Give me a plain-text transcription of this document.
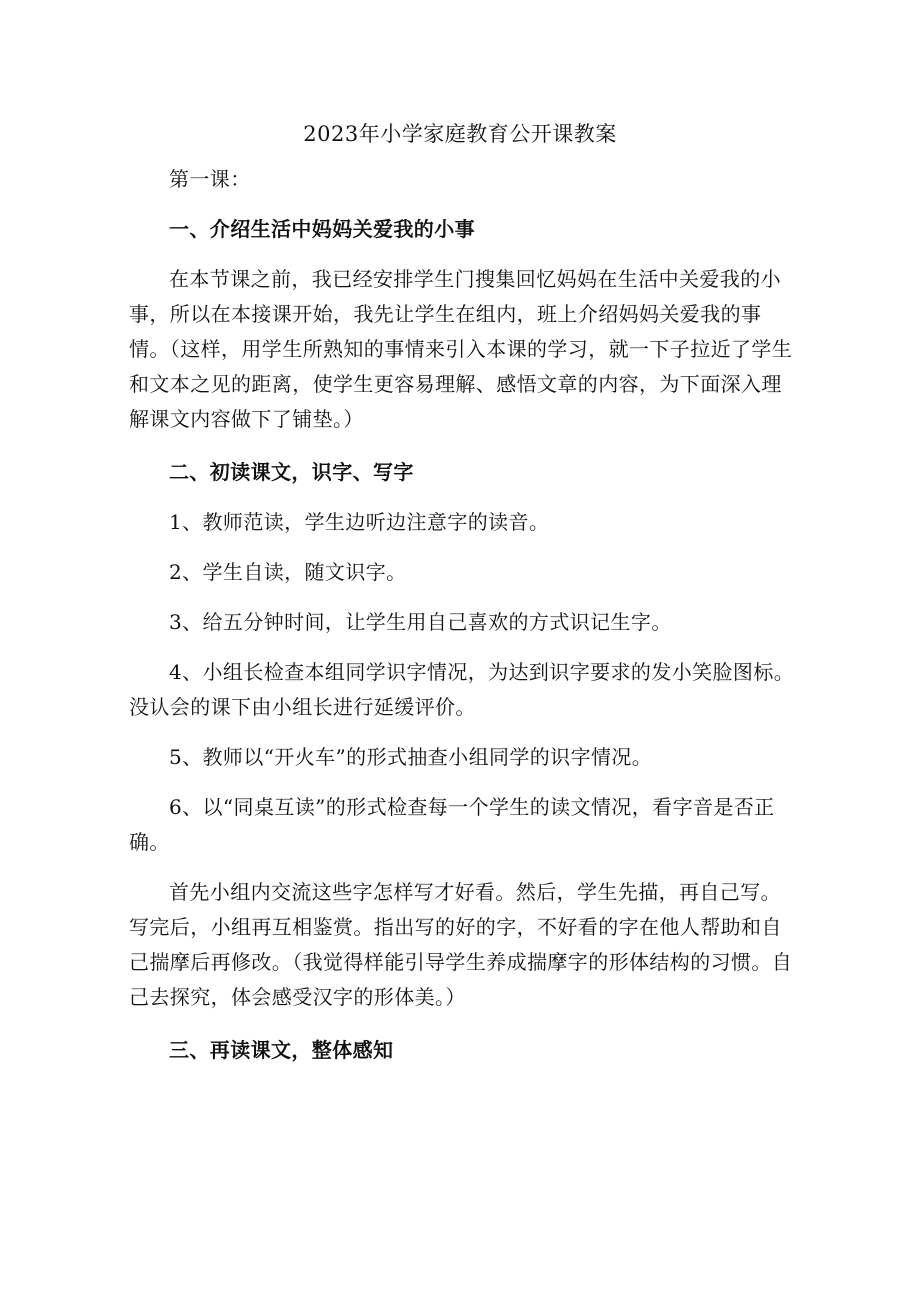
2023年小学家庭教育公开课教案

第一课：

一、介绍生活中妈妈关爱我的小事

在本节课之前，我已经安排学生门搜集回忆妈妈在生活中关爱我的小事，所以在本接课开始，我先让学生在组内，班上介绍妈妈关爱我的事情。（这样，用学生所熟知的事情来引入本课的学习，就一下子拉近了学生和文本之见的距离，使学生更容易理解、感悟文章的内容，为下面深入理解课文内容做下了铺垫。）

二、初读课文，识字、写字

1、教师范读，学生边听边注意字的读音。

2、学生自读，随文识字。

3、给五分钟时间，让学生用自己喜欢的方式识记生字。

4、小组长检查本组同学识字情况，为达到识字要求的发小笑脸图标。没认会的课下由小组长进行延缓评价。

5、教师以“开火车”的形式抽查小组同学的识字情况。

6、以“同桌互读”的形式检查每一个学生的读文情况，看字音是否正确。

首先小组内交流这些字怎样写才好看。然后，学生先描，再自己写。写完后，小组再互相鉴赏。指出写的好的字，不好看的字在他人帮助和自己揣摩后再修改。（我觉得样能引导学生养成揣摩字的形体结构的习惯。自己去探究，体会感受汉字的形体美。）

三、再读课文，整体感知
